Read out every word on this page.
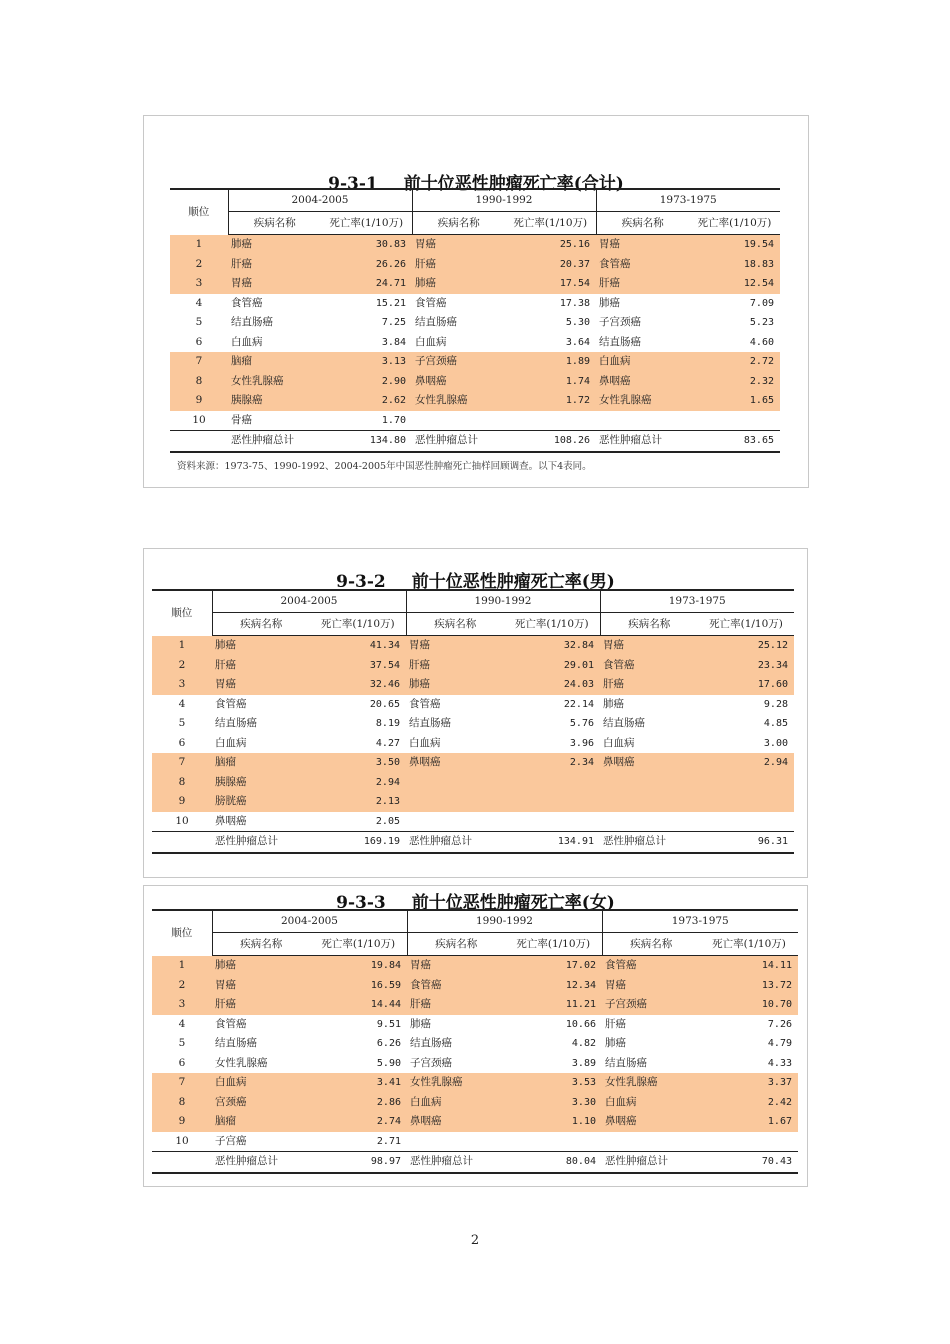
9-3-1 前十位恶性肿瘤死亡率(合计)
顺位	2004-2005		1990-1992		1973-1975	
	疾病名称	死亡率(1/10万)	疾病名称	死亡率(1/10万)	疾病名称	死亡率(1/10万)
1	肺癌	30.83	胃癌	25.16	胃癌	19.54
2	肝癌	26.26	肝癌	20.37	食管癌	18.83
3	胃癌	24.71	肺癌	17.54	肝癌	12.54
4	食管癌	15.21	食管癌	17.38	肺癌	7.09
5	结直肠癌	7.25	结直肠癌	5.30	子宫颈癌	5.23
6	白血病	3.84	白血病	3.64	结直肠癌	4.60
7	脑瘤	3.13	子宫颈癌	1.89	白血病	2.72
8	女性乳腺癌	2.90	鼻咽癌	1.74	鼻咽癌	2.32
9	胰腺癌	2.62	女性乳腺癌	1.72	女性乳腺癌	1.65
10	骨癌	1.70				
	恶性肿瘤总计	134.80	恶性肿瘤总计	108.26	恶性肿瘤总计	83.65
资料来源：1973-75、1990-1992、2004-2005年中国恶性肿瘤死亡抽样回顾调查。以下4表同。
9-3-2 前十位恶性肿瘤死亡率(男)
顺位	2004-2005		1990-1992		1973-1975	
	疾病名称	死亡率(1/10万)	疾病名称	死亡率(1/10万)	疾病名称	死亡率(1/10万)
1	肺癌	41.34	胃癌	32.84	胃癌	25.12
2	肝癌	37.54	肝癌	29.01	食管癌	23.34
3	胃癌	32.46	肺癌	24.03	肝癌	17.60
4	食管癌	20.65	食管癌	22.14	肺癌	9.28
5	结直肠癌	8.19	结直肠癌	5.76	结直肠癌	4.85
6	白血病	4.27	白血病	3.96	白血病	3.00
7	脑瘤	3.50	鼻咽癌	2.34	鼻咽癌	2.94
8	胰腺癌	2.94				
9	膀胱癌	2.13				
10	鼻咽癌	2.05				
	恶性肿瘤总计	169.19	恶性肿瘤总计	134.91	恶性肿瘤总计	96.31
9-3-3 前十位恶性肿瘤死亡率(女)
顺位	2004-2005		1990-1992		1973-1975	
	疾病名称	死亡率(1/10万)	疾病名称	死亡率(1/10万)	疾病名称	死亡率(1/10万)
1	肺癌	19.84	胃癌	17.02	食管癌	14.11
2	胃癌	16.59	食管癌	12.34	胃癌	13.72
3	肝癌	14.44	肝癌	11.21	子宫颈癌	10.70
4	食管癌	9.51	肺癌	10.66	肝癌	7.26
5	结直肠癌	6.26	结直肠癌	4.82	肺癌	4.79
6	女性乳腺癌	5.90	子宫颈癌	3.89	结直肠癌	4.33
7	白血病	3.41	女性乳腺癌	3.53	女性乳腺癌	3.37
8	宫颈癌	2.86	白血病	3.30	白血病	2.42
9	脑瘤	2.74	鼻咽癌	1.10	鼻咽癌	1.67
10	子宫癌	2.71				
	恶性肿瘤总计	98.97	恶性肿瘤总计	80.04	恶性肿瘤总计	70.43
2
